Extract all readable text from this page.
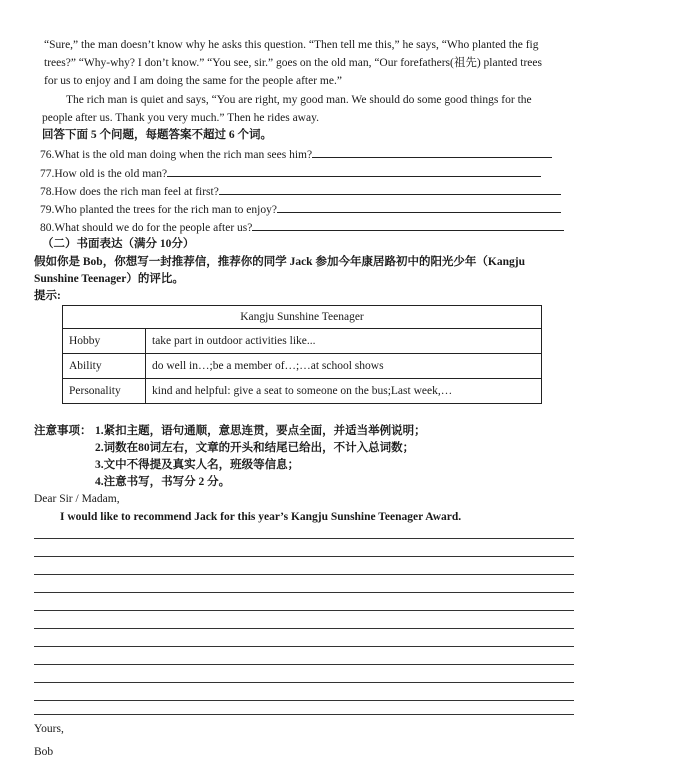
“Sure,” the man doesn’t know why he asks this question. “Then tell me this,” he says, “Who planted the fig
trees?” “Why-why? I don’t know.” “You see, sir.” goes on the old man, “Our forefathers(祖先) planted trees
for us to enjoy and I am doing the same for the people after me.”
The rich man is quiet and says, “You are right, my good man. We should do some good things for the
people after us. Thank you very much.” Then he rides away.
回答下面 5 个问题，每题答案不超过 6 个词。
76.What is the old man doing when the rich man sees him?
77.How old is the old man?
78.How does the rich man feel at first?
79.Who planted the trees for the rich man to enjoy?
80.What should we do for the people after us?
（二）书面表达（满分 10分）
假如你是 Bob，你想写一封推荐信，推荐你的同学 Jack 参加今年康居路初中的阳光少年（Kangju
Sunshine Teenager）的评比。
提示:
Kangju Sunshine Teenager	
Hobby	take part in outdoor activities like...
Ability	do well in…;be a member of…;…at school shows
Personality	kind and helpful: give a seat to someone on the bus;Last week,…
注意事项： 1.紧扣主题，语句通顺，意思连贯，要点全面，并适当举例说明；
2.词数在80词左右，文章的开头和结尾已给出，不计入总词数；
3.文中不得提及真实人名，班级等信息；
4.注意书写，书写分 2 分。
Dear Sir / Madam,
I would like to recommend Jack for this year’s Kangju Sunshine Teenager Award.
Yours,
Bob
